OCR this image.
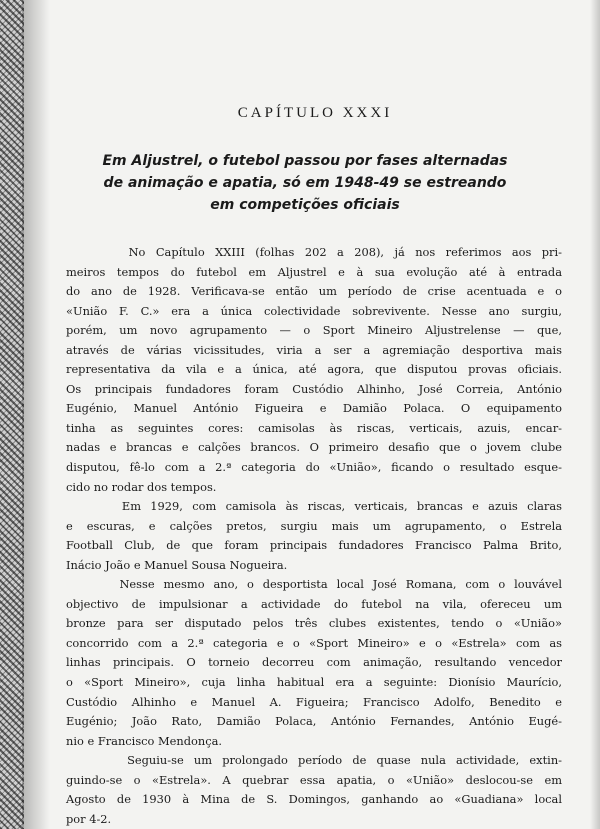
CAPÍTULO XXXI
Em Aljustrel, o futebol passou por fases alternadas
de animação e apatia, só em 1948-49 se estreando
em competições oficiais
No Capítulo XXIII (folhas 202 a 208), já nos referimos aos pri-
meiros tempos do futebol em Aljustrel e à sua evolução até à entrada
do ano de 1928. Verificava-se então um período de crise acentuada e o
«União F. C.» era a única colectividade sobrevivente. Nesse ano surgiu,
porém, um novo agrupamento — o Sport Mineiro Aljustrelense — que,
através de várias vicissitudes, viria a ser a agremiação desportiva mais
representativa da vila e a única, até agora, que disputou provas oficiais.
Os principais fundadores foram Custódio Alhinho, José Correia, António
Eugénio, Manuel António Figueira e Damião Polaca. O equipamento
tinha as seguintes cores: camisolas às riscas, verticais, azuis, encar-
nadas e brancas e calções brancos. O primeiro desafio que o jovem clube
disputou, fê-lo com a 2.ª categoria do «União», ficando o resultado esque-
cido no rodar dos tempos.
Em 1929, com camisola às riscas, verticais, brancas e azuis claras
e escuras, e calções pretos, surgiu mais um agrupamento, o Estrela
Football Club, de que foram principais fundadores Francisco Palma Brito,
Inácio João e Manuel Sousa Nogueira.
Nesse mesmo ano, o desportista local José Romana, com o louvável
objectivo de impulsionar a actividade do futebol na vila, ofereceu um
bronze para ser disputado pelos três clubes existentes, tendo o «União»
concorrido com a 2.ª categoria e o «Sport Mineiro» e o «Estrela» com as
linhas principais. O torneio decorreu com animação, resultando vencedor
o «Sport Mineiro», cuja linha habitual era a seguinte: Dionísio Maurício,
Custódio Alhinho e Manuel A. Figueira; Francisco Adolfo, Benedito e
Eugénio; João Rato, Damião Polaca, António Fernandes, António Eugé-
nio e Francisco Mendonça.
Seguiu-se um prolongado período de quase nula actividade, extin-
guindo-se o «Estrela». A quebrar essa apatia, o «União» deslocou-se em
Agosto de 1930 à Mina de S. Domingos, ganhando ao «Guadiana» local
por 4-2.
